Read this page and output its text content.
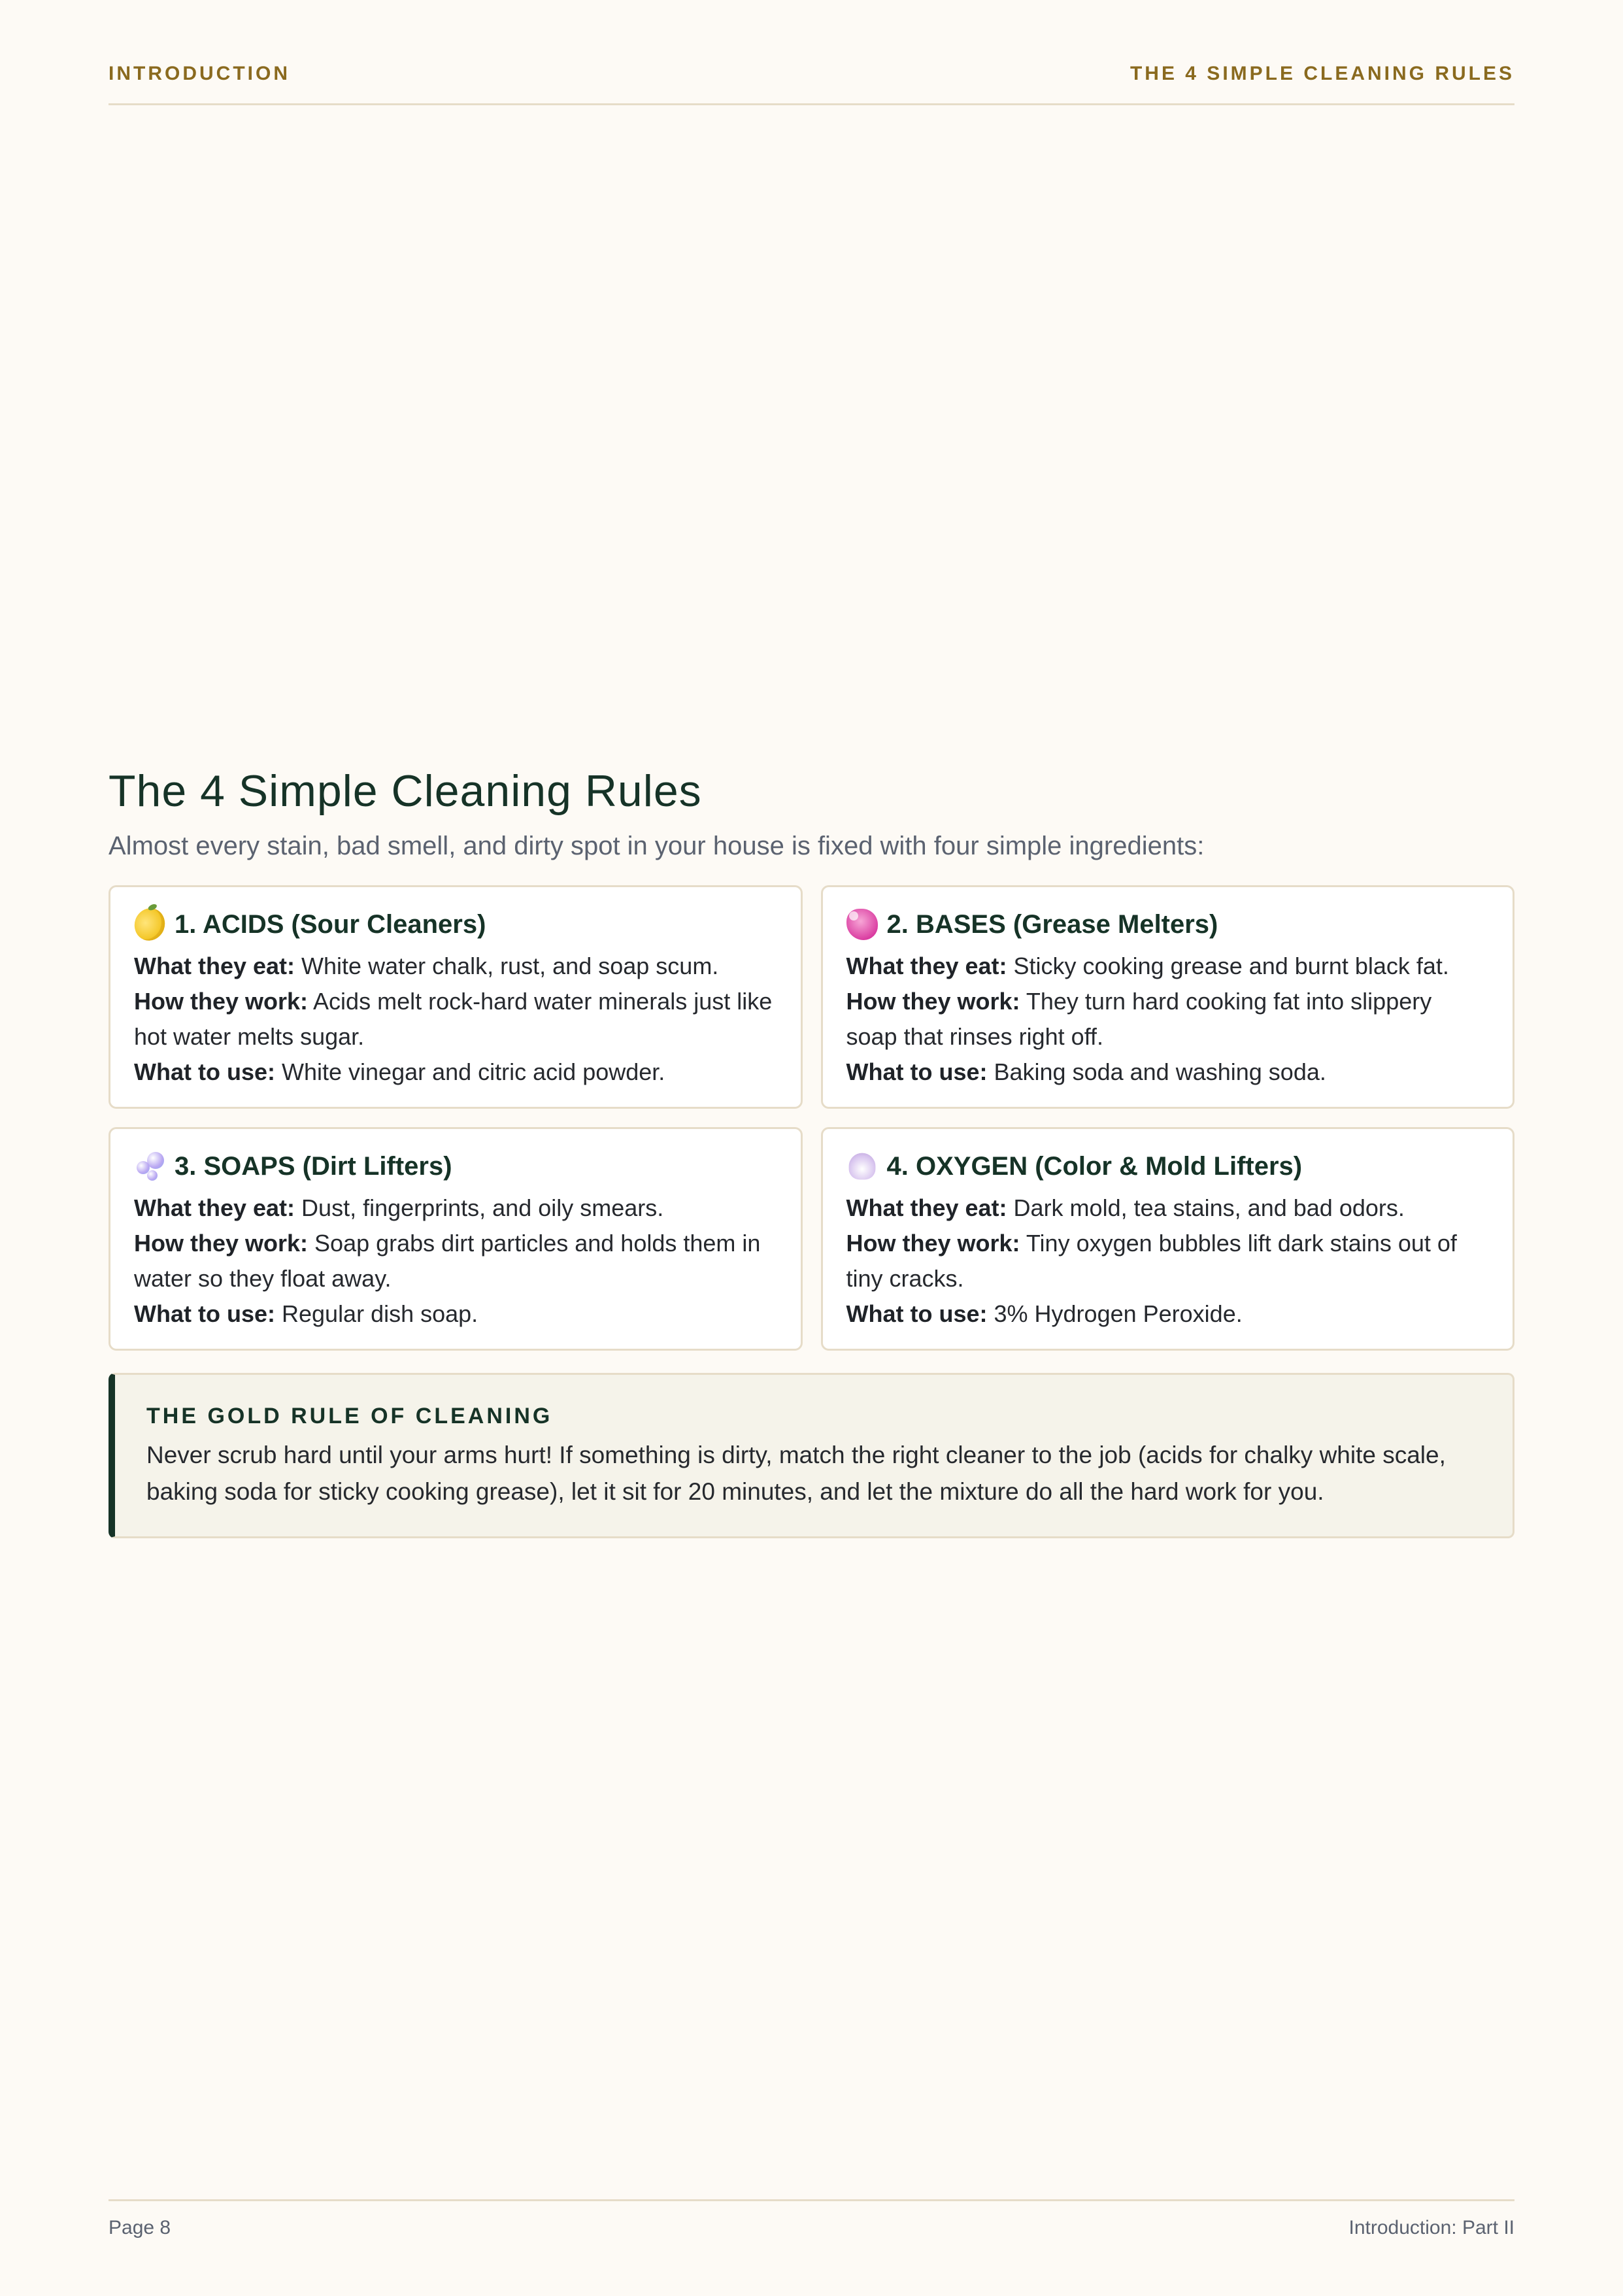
INTRODUCTION	THE 4 SIMPLE CLEANING RULES
The 4 Simple Cleaning Rules

Almost every stain, bad smell, and dirty spot in your house is fixed with four simple ingredients:

1. ACIDS (Sour Cleaners)

What they eat: White water chalk, rust, and soap scum.

How they work: Acids melt rock-hard water minerals just like hot water melts sugar.

What to use: White vinegar and citric acid powder.

2. BASES (Grease Melters)

What they eat: Sticky cooking grease and burnt black fat.

How they work: They turn hard cooking fat into slippery soap that rinses right off.

What to use: Baking soda and washing soda.

3. SOAPS (Dirt Lifters)

What they eat: Dust, fingerprints, and oily smears.

How they work: Soap grabs dirt particles and holds them in water so they float away.

What to use: Regular dish soap.

4. OXYGEN (Color & Mold Lifters)

What they eat: Dark mold, tea stains, and bad odors.

How they work: Tiny oxygen bubbles lift dark stains out of tiny cracks.

What to use: 3% Hydrogen Peroxide.

THE GOLD RULE OF CLEANING

Never scrub hard until your arms hurt! If something is dirty, match the right cleaner to the job (acids for chalky white scale, baking soda for sticky cooking grease), let it sit for 20 minutes, and let the mixture do all the hard work for you.

Page 8	Introduction: Part II
